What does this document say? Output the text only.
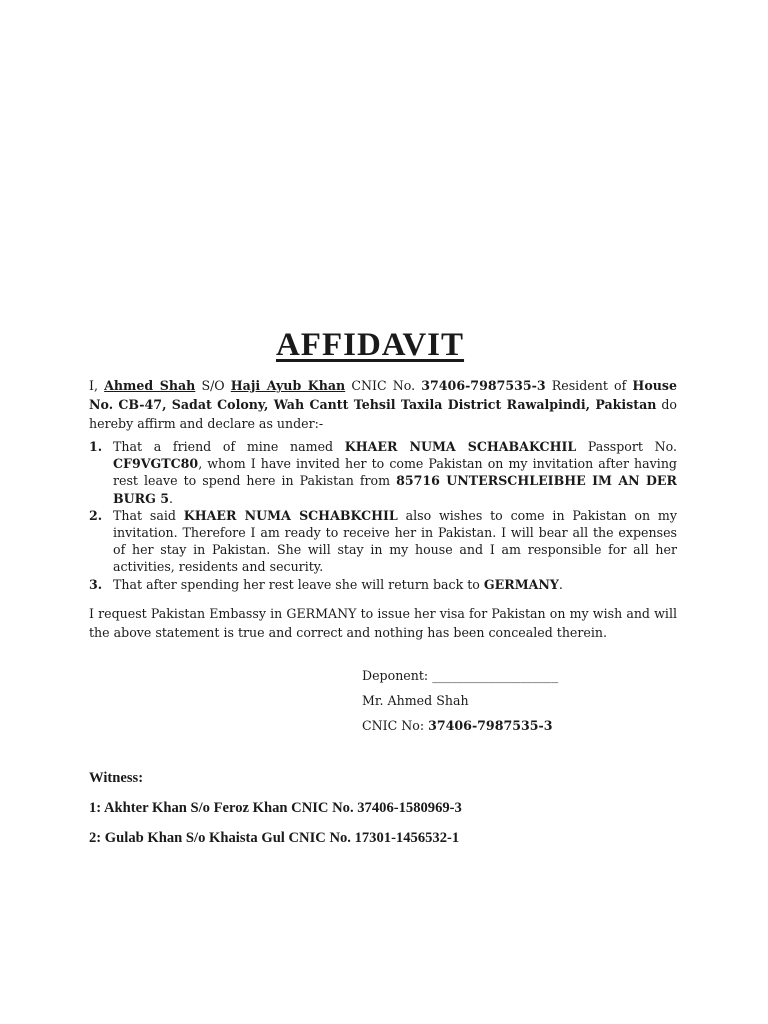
AFFIDAVIT

I, Ahmed Shah S/O Haji Ayub Khan CNIC No. 37406-7987535-3 Resident of House No. CB-47, Sadat Colony, Wah Cantt Tehsil Taxila District Rawalpindi, Pakistan do hereby affirm and declare as under:-

1. That a friend of mine named KHAER NUMA SCHABAKCHIL Passport No. CF9VGTC80, whom I have invited her to come Pakistan on my invitation after having rest leave to spend here in Pakistan from 85716 UNTERSCHLEIBHE IM AN DER BURG 5.
2. That said KHAER NUMA SCHABKCHIL also wishes to come in Pakistan on my invitation. Therefore I am ready to receive her in Pakistan. I will bear all the expenses of her stay in Pakistan. She will stay in my house and I am responsible for all her activities, residents and security.
3. That after spending her rest leave she will return back to GERMANY.

I request Pakistan Embassy in GERMANY to issue her visa for Pakistan on my wish and will the above statement is true and correct and nothing has been concealed therein.

Deponent: ____________________

Mr. Ahmed Shah

CNIC No: 37406-7987535-3

Witness:

1: Akhter Khan S/o Feroz Khan CNIC No. 37406-1580969-3

2: Gulab Khan S/o Khaista Gul CNIC No. 17301-1456532-1
